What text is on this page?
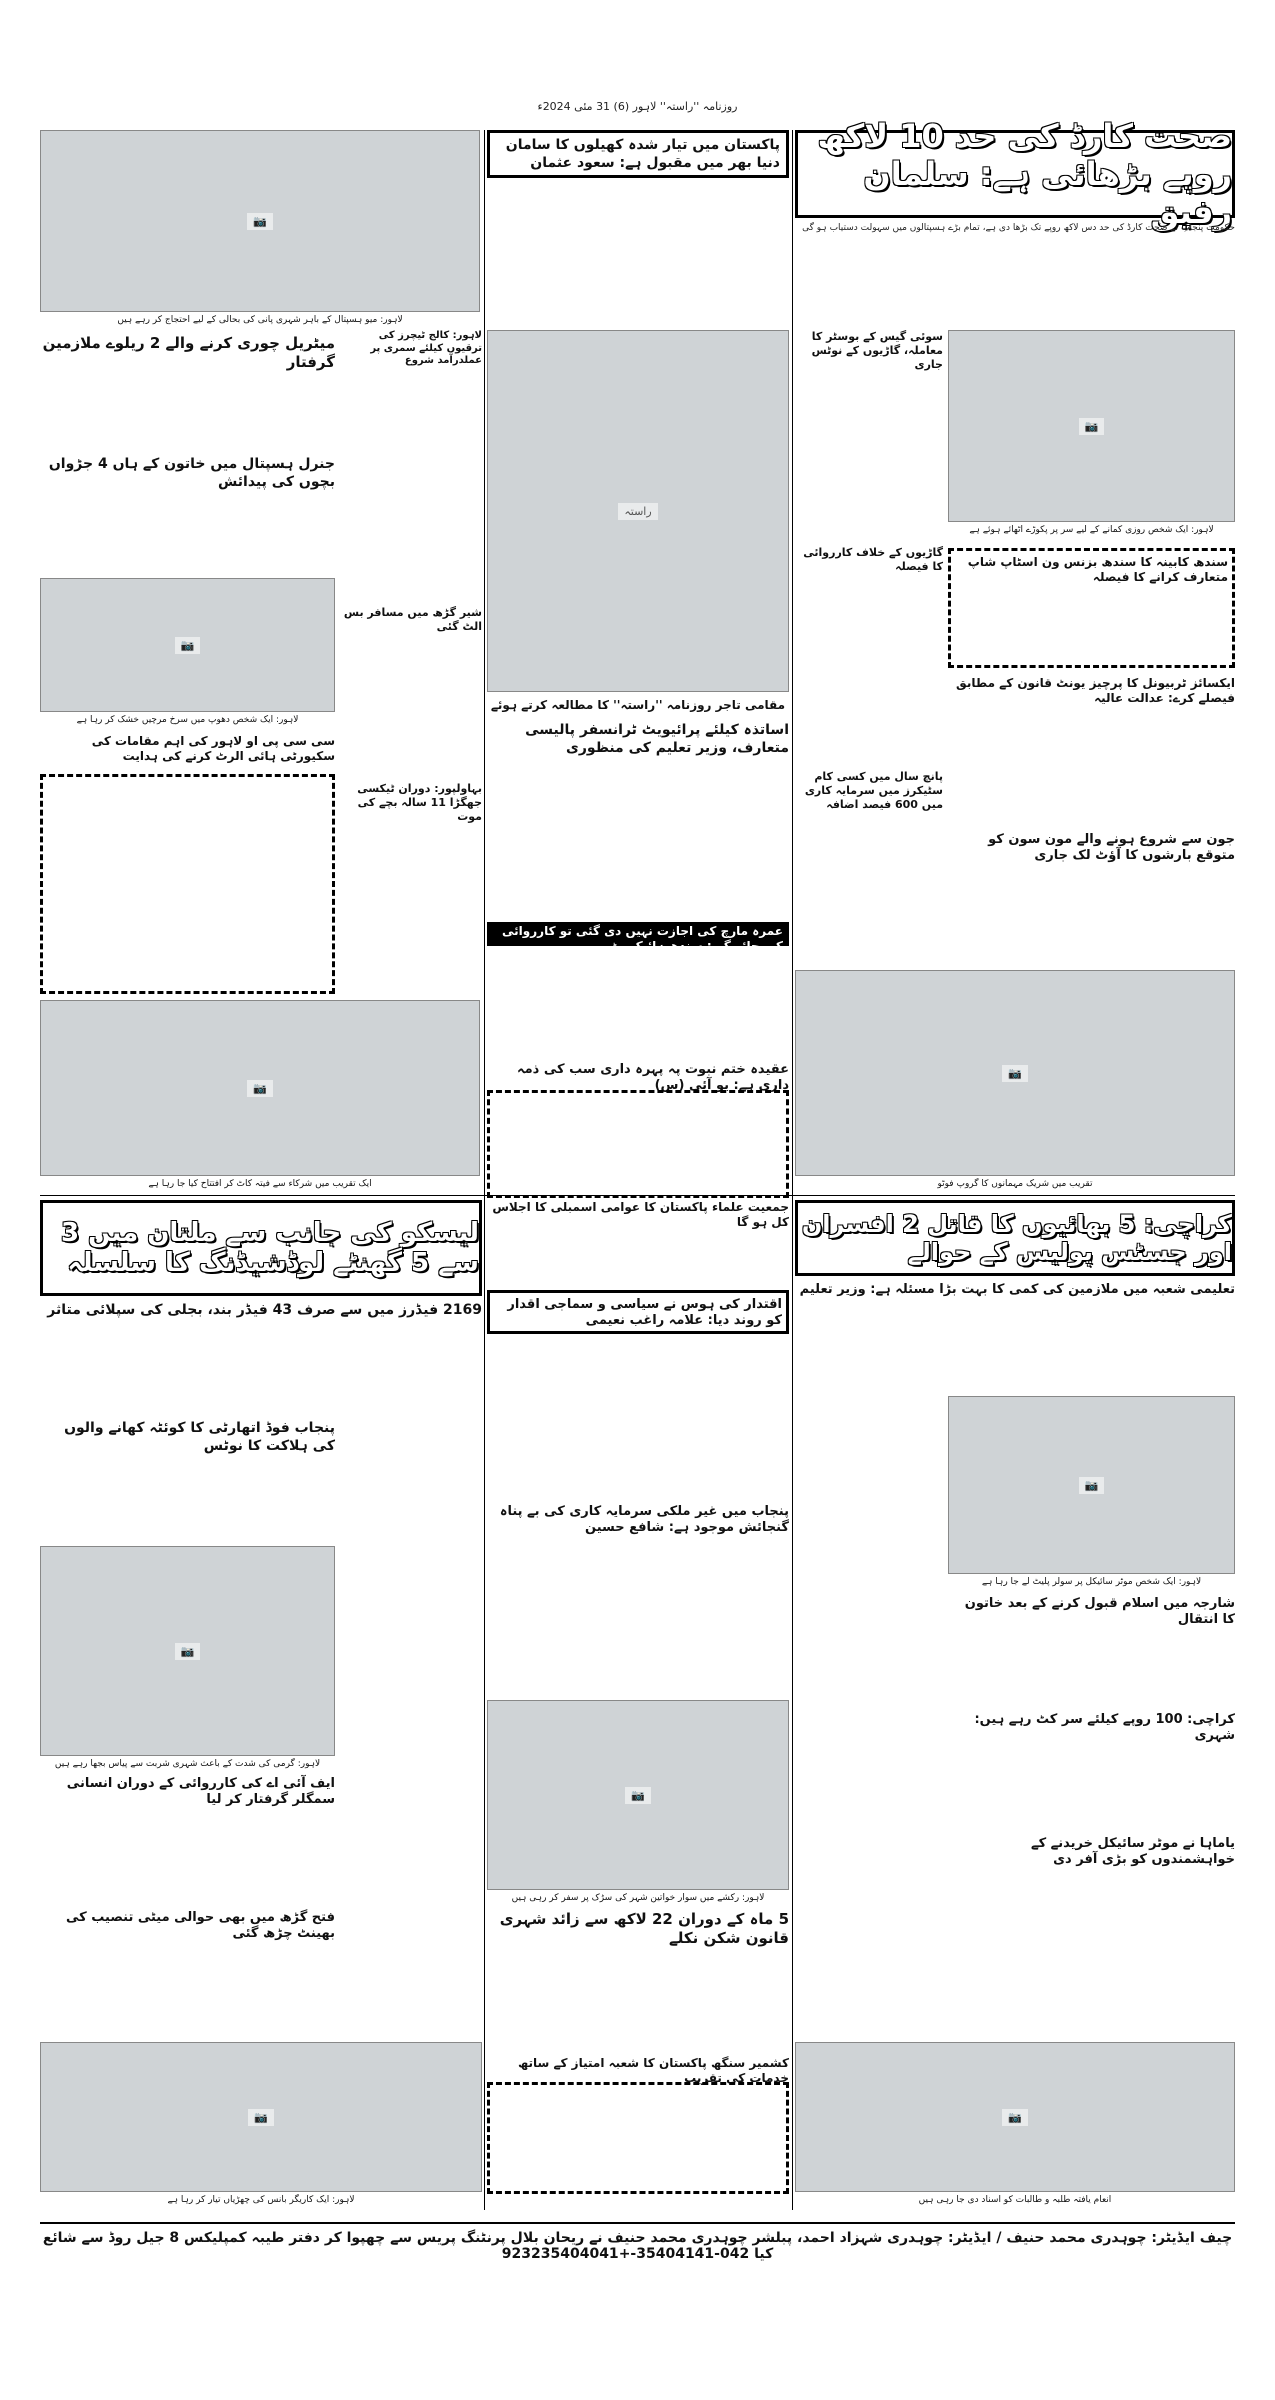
روزنامہ ''راستہ'' لاہور (6) 31 مئی 2024ء
📷
لاہور: میو ہسپتال کے باہر شہری پانی کی بحالی کے لیے احتجاج کر رہے ہیں
صحت کارڈ کی حد 10 لاکھ روپے بڑھائی ہے: سلمان رفیق
حکومت پنجاب نے صحت کارڈ کی حد دس لاکھ روپے تک بڑھا دی ہے، تمام بڑے ہسپتالوں میں سہولت دستیاب ہو گی
📷
لاہور: ایک شخص روزی کمانے کے لیے سر پر پکوڑے اٹھائے ہوئے ہے
پاکستان میں تیار شدہ کھیلوں کا سامان دنیا بھر میں مقبول ہے: سعود عثمان

راستہ
مقامی تاجر روزنامہ ''راستہ'' کا مطالعہ کرتے ہوئے
اساتذہ کیلئے پرائیویٹ ٹرانسفر پالیسی متعارف، وزیر تعلیم کی منظوری

عمرہ مارچ کی اجازت نہیں دی گئی تو کارروائی کی جائے گی: سندھ ہائیکورٹ

عقیدہ ختم نبوت پہ پہرہ داری سب کی ذمہ داری ہے: یو آئی (س)

میٹریل چوری کرنے والے 2 ریلوے ملازمین گرفتار

جنرل ہسپتال میں خاتون کے ہاں 4 جڑواں بچوں کی پیدائش

📷
لاہور: ایک شخص دھوپ میں سرخ مرچیں خشک کر رہا ہے
سی سی پی او لاہور کی اہم مقامات کی سکیورٹی ہائی الرٹ کرنے کی ہدایت

لاہور: کالج ٹیچرز کی ترقیوں کیلئے سمری پر عملدرآمد شروع

شیر گڑھ میں مسافر بس الٹ گئی

بہاولپور: دوران ٹیکسی جھگڑا 11 سالہ بچے کی موت

سوئی گیس کے بوسٹر کا معاملہ، گاڑیوں کے نوٹس جاری

گاڑیوں کے خلاف کارروائی کا فیصلہ

پانچ سال میں کسی کام سٹیکرز میں سرمایہ کاری میں 600 فیصد اضافہ

سندھ کابینہ کا سندھ بزنس ون اسٹاپ شاپ متعارف کرانے کا فیصلہ
ایکسائز ٹربیونل کا پرچیز یونٹ قانون کے مطابق فیصلے کرے: عدالت عالیہ

جون سے شروع ہونے والے مون سون کو متوقع بارشوں کا آؤٹ لک جاری

📷
ایک تقریب میں شرکاء سے فیتہ کاٹ کر افتتاح کیا جا رہا ہے
📷
تقریب میں شریک مہمانوں کا گروپ فوٹو
لیسکو کی جانب سے ملتان میں 3 سے 5 گھنٹے لوڈشیڈنگ کا سلسلہ
2169 فیڈرز میں سے صرف 43 فیڈر بند، بجلی کی سپلائی متاثر

پنجاب فوڈ اتھارٹی کا کوئٹہ کھانے والوں کی ہلاکت کا نوٹس

📷
لاہور: گرمی کی شدت کے باعث شہری شربت سے پیاس بجھا رہے ہیں
ایف آئی اے کی کارروائی کے دوران انسانی سمگلر گرفتار کر لیا

فتح گڑھ میں بھی حوالی میٹی تنصیب کی بھینٹ چڑھ گئی

📷
لاہور: ایک کاریگر بانس کی چھڑیاں تیار کر رہا ہے
جمعیت علماء پاکستان کا عوامی اسمبلی کا اجلاس کل ہو گا

اقتدار کی ہوس نے سیاسی و سماجی اقدار کو روند دیا: علامہ راغب نعیمی

پنجاب میں غیر ملکی سرمایہ کاری کی بے پناہ گنجائش موجود ہے: شافع حسین

📷
لاہور: رکشے میں سوار خواتین شہر کی سڑک پر سفر کر رہی ہیں
5 ماہ کے دوران 22 لاکھ سے زائد شہری قانون شکن نکلے

کشمیر سنگھ پاکستان کا شعبہ امتیاز کے ساتھ خدمات کی تقریب

کراچی: 5 بھائیوں کا قاتل 2 افسران اور جسٹس پولیس کے حوالے
تعلیمی شعبہ میں ملازمین کی کمی کا بہت بڑا مسئلہ ہے: وزیر تعلیم

📷
لاہور: ایک شخص موٹر سائیکل پر سولر پلیٹ لے جا رہا ہے

شارجہ میں اسلام قبول کرنے کے بعد خاتون کا انتقال

کراچی: 100 روپے کیلئے سر کٹ رہے ہیں: شہری

یاماہا نے موٹر سائیکل خریدنے کے خواہشمندوں کو بڑی آفر دی

📷
انعام یافتہ طلبہ و طالبات کو اسناد دی جا رہی ہیں
چیف ایڈیٹر: چوہدری محمد حنیف / ایڈیٹر: چوہدری شہزاد احمد، پبلشر چوہدری محمد حنیف نے ریحان بلال پرنٹنگ پریس سے چھپوا کر دفتر طیبہ کمپلیکس 8 جیل روڈ سے شائع کیا 042-35404141-+923235404041
